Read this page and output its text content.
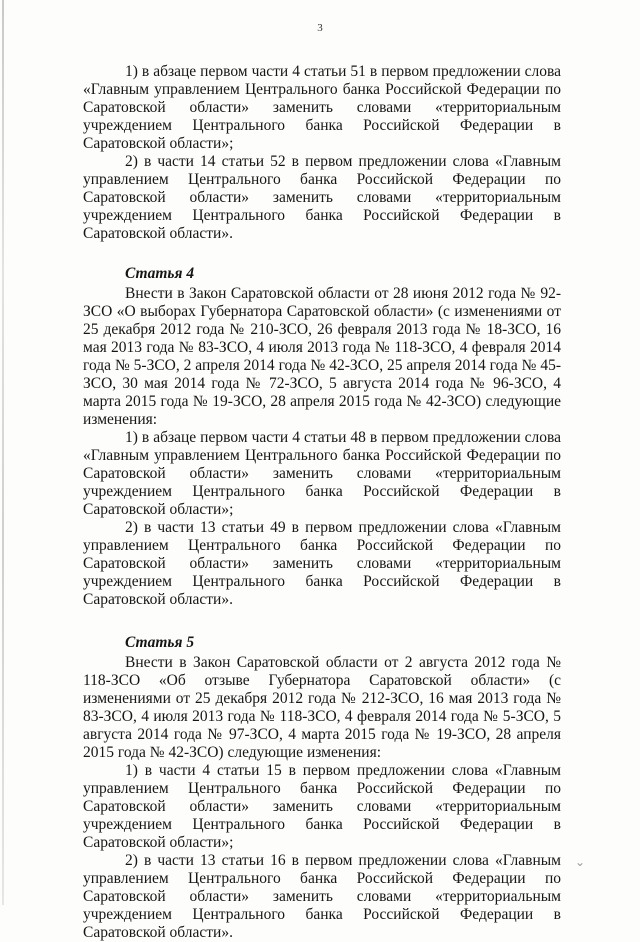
3

1) в абзаце первом части 4 статьи 51 в первом предложении слова «Главным управлением Центрального банка Российской Федерации по Саратовской области» заменить словами «территориальным учреждением Центрального банка Российской Федерации в Саратовской области»;

2) в части 14 статьи 52 в первом предложении слова «Главным управлением Центрального банка Российской Федерации по Саратовской области» заменить словами «территориальным учреждением Центрального банка Российской Федерации в Саратовской области».

Статья 4

Внести в Закон Саратовской области от 28 июня 2012 года № 92-ЗСО «О выборах Губернатора Саратовской области» (с изменениями от 25 декабря 2012 года № 210-ЗСО, 26 февраля 2013 года № 18-ЗСО, 16 мая 2013 года № 83-ЗСО, 4 июля 2013 года № 118-ЗСО, 4 февраля 2014 года № 5-ЗСО, 2 апреля 2014 года № 42-ЗСО, 25 апреля 2014 года № 45-ЗСО, 30 мая 2014 года № 72-ЗСО, 5 августа 2014 года № 96-ЗСО, 4 марта 2015 года № 19-ЗСО, 28 апреля 2015 года № 42-ЗСО) следующие изменения:

1) в абзаце первом части 4 статьи 48 в первом предложении слова «Главным управлением Центрального банка Российской Федерации по Саратовской области» заменить словами «территориальным учреждением Центрального банка Российской Федерации в Саратовской области»;

2) в части 13 статьи 49 в первом предложении слова «Главным управлением Центрального банка Российской Федерации по Саратовской области» заменить словами «территориальным учреждением Центрального банка Российской Федерации в Саратовской области».

Статья 5

Внести в Закон Саратовской области от 2 августа 2012 года № 118-ЗСО «Об отзыве Губернатора Саратовской области» (с изменениями от 25 декабря 2012 года № 212-ЗСО, 16 мая 2013 года № 83-ЗСО, 4 июля 2013 года № 118-ЗСО, 4 февраля 2014 года № 5-ЗСО, 5 августа 2014 года № 97-ЗСО, 4 марта 2015 года № 19-ЗСО, 28 апреля 2015 года № 42-ЗСО) следующие изменения:

1) в части 4 статьи 15 в первом предложении слова «Главным управлением Центрального банка Российской Федерации по Саратовской области» заменить словами «территориальным учреждением Центрального банка Российской Федерации в Саратовской области»;

2) в части 13 статьи 16 в первом предложении слова «Главным управлением Центрального банка Российской Федерации по Саратовской области» заменить словами «территориальным учреждением Центрального банка Российской Федерации в Саратовской области».

⌄
